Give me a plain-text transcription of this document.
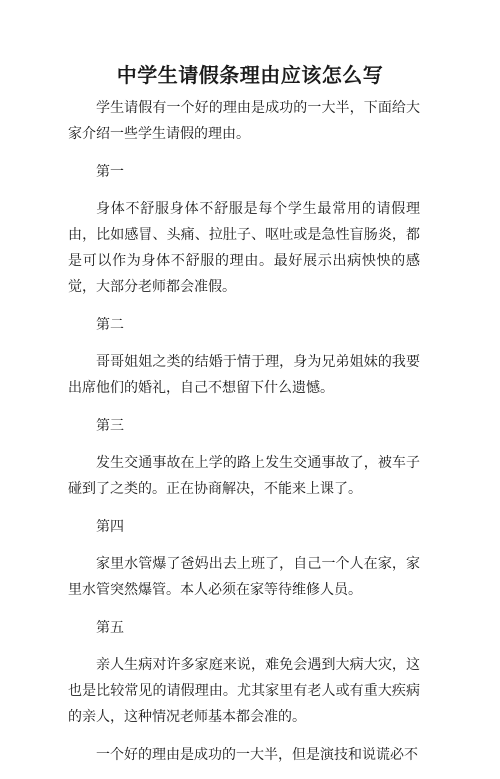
中学生请假条理由应该怎么写

学生请假有一个好的理由是成功的一大半，下面给大家介绍一些学生请假的理由。

第一

身体不舒服身体不舒服是每个学生最常用的请假理由，比如感冒、头痛、拉肚子、呕吐或是急性盲肠炎，都是可以作为身体不舒服的理由。最好展示出病怏怏的感觉，大部分老师都会准假。

第二

哥哥姐姐之类的结婚于情于理，身为兄弟姐妹的我要出席他们的婚礼，自己不想留下什么遗憾。

第三

发生交通事故在上学的路上发生交通事故了，被车子碰到了之类的。正在协商解决，不能来上课了。

第四

家里水管爆了爸妈出去上班了，自己一个人在家，家里水管突然爆管。本人必须在家等待维修人员。

第五

亲人生病对许多家庭来说，难免会遇到大病大灾，这也是比较常见的请假理由。尤其家里有老人或有重大疾病的亲人，这种情况老师基本都会准的。

一个好的理由是成功的一大半，但是演技和说谎必不
